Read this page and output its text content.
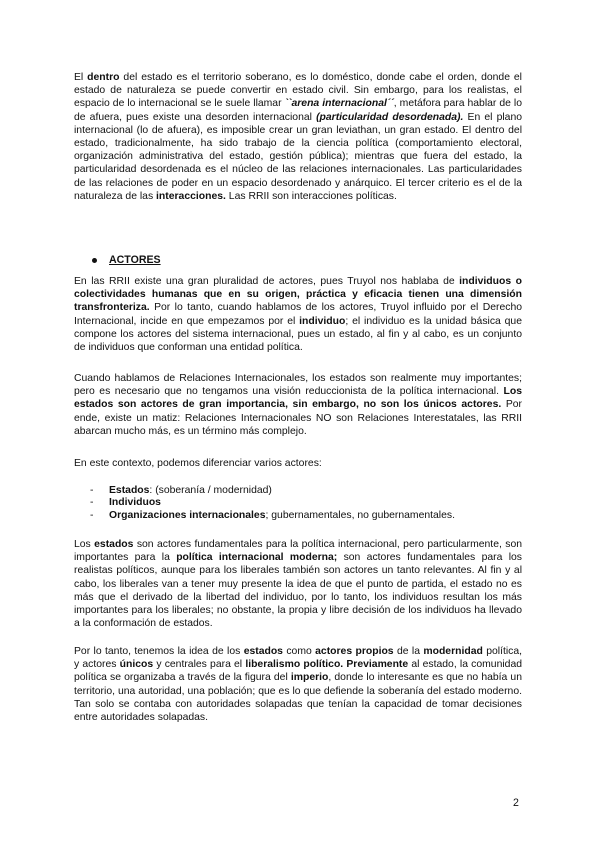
El dentro del estado es el territorio soberano, es lo doméstico, donde cabe el orden, donde el estado de naturaleza se puede convertir en estado civil. Sin embargo, para los realistas, el espacio de lo internacional se le suele llamar ``arena internacional´´, metáfora para hablar de lo de afuera, pues existe una desorden internacional (particularidad desordenada). En el plano internacional (lo de afuera), es imposible crear un gran leviathan, un gran estado. El dentro del estado, tradicionalmente, ha sido trabajo de la ciencia política (comportamiento electoral, organización administrativa del estado, gestión pública); mientras que fuera del estado, la particularidad desordenada es el núcleo de las relaciones internacionales. Las particularidades de las relaciones de poder en un espacio desordenado y anárquico. El tercer criterio es el de la naturaleza de las interacciones. Las RRII son interacciones políticas.

ACTORES

En las RRII existe una gran pluralidad de actores, pues Truyol nos hablaba de individuos o colectividades humanas que en su origen, práctica y eficacia tienen una dimensión transfronteriza. Por lo tanto, cuando hablamos de los actores, Truyol influido por el Derecho Internacional, incide en que empezamos por el individuo; el individuo es la unidad básica que compone los actores del sistema internacional, pues un estado, al fin y al cabo, es un conjunto de individuos que conforman una entidad política.

Cuando hablamos de Relaciones Internacionales, los estados son realmente muy importantes; pero es necesario que no tengamos una visión reduccionista de la política internacional. Los estados son actores de gran importancia, sin embargo, no son los únicos actores. Por ende, existe un matiz: Relaciones Internacionales NO son Relaciones Interestatales, las RRII abarcan mucho más, es un término más complejo.

En este contexto, podemos diferenciar varios actores:

-	Estados: (soberanía / modernidad)
-	Individuos
-	Organizaciones internacionales; gubernamentales, no gubernamentales.

Los estados son actores fundamentales para la política internacional, pero particularmente, son importantes para la política internacional moderna; son actores fundamentales para los realistas políticos, aunque para los liberales también son actores un tanto relevantes. Al fin y al cabo, los liberales van a tener muy presente la idea de que el punto de partida, el estado no es más que el derivado de la libertad del individuo, por lo tanto, los individuos resultan los más importantes para los liberales; no obstante, la propia y libre decisión de los individuos ha llevado a la conformación de estados.

Por lo tanto, tenemos la idea de los estados como actores propios de la modernidad política, y actores únicos y centrales para el liberalismo político. Previamente al estado, la comunidad política se organizaba a través de la figura del imperio, donde lo interesante es que no había un territorio, una autoridad, una población; que es lo que defiende la soberanía del estado moderno. Tan solo se contaba con autoridades solapadas que tenían la capacidad de tomar decisiones entre autoridades solapadas.

2
